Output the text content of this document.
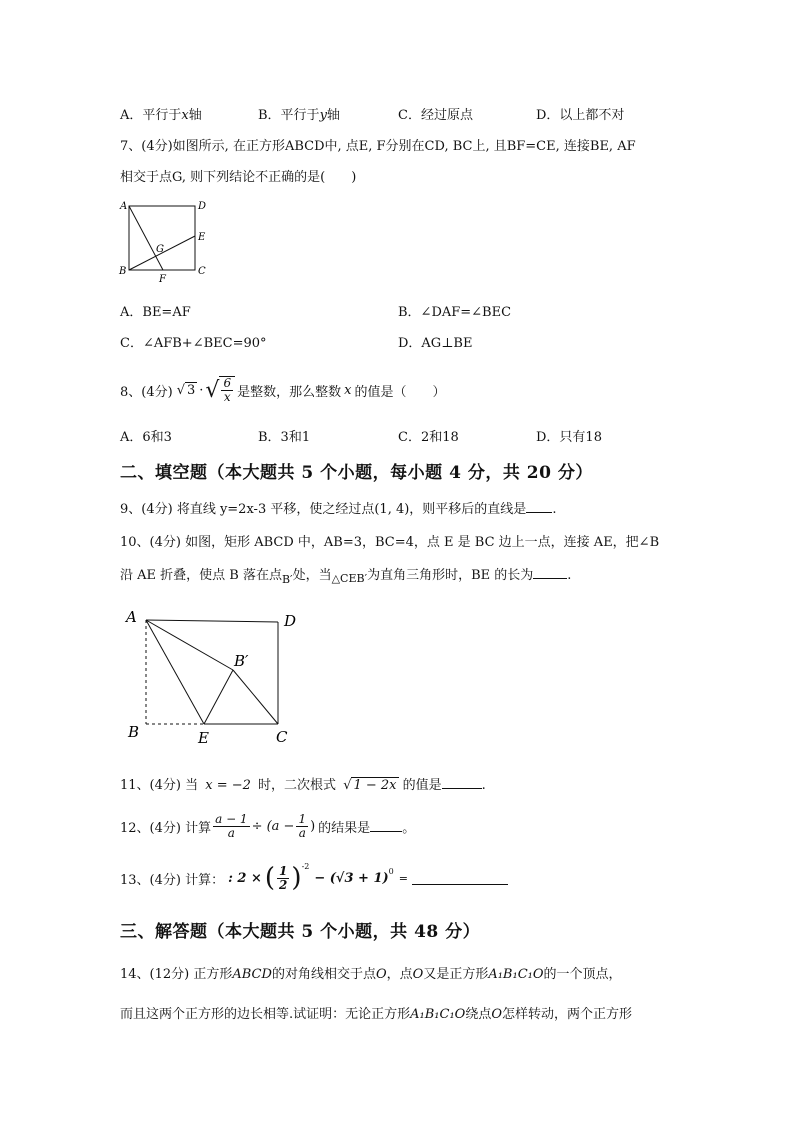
A．平行于x轴	B．平行于y轴	C．经过原点	D．以上都不对
7、(4分)如图所示, 在正方形ABCD中, 点E, F分别在CD, BC上, 且BF=CE, 连接BE, AF
相交于点G, 则下列结论不正确的是(　　)
A	D
E
G
B
F
C
A．BE=AF	B．∠DAF=∠BEC
C．∠AFB+∠BEC=90°	D．AG⊥BE
8、(4分) √ 3 · √ $\frac{6}{x}$ 是整数，那么整数 x 的值是（　　）
A．6和3	B．3和1	C．2和18	D．只有18
二、填空题（本大题共 5 个小题，每小题 4 分，共 20 分）
9、(4分) 将直线 y=2x-3 平移，使之经过点(1, 4)，则平移后的直线是 .
10、(4分) 如图，矩形 ABCD 中，AB=3，BC=4，点 E 是 BC 边上一点，连接 AE，把∠B
沿 AE 折叠，使点 B 落在点$_{B'}$处，当$_{\triangle CEB'}$为直角三角形时，BE 的长为	.
A	D
B′
B	E	C
11、(4分) 当 x = −2 时，二次根式 √ 1 − 2x 的值是	.
12、(4分) 计算 $\frac{a - 1}{a} \div (a - \frac{1}{a}$ ) 的结果是 。
13、(4分) 计算： : 2 × ( $\frac{1}{2}$ ) -2
− (√3 + 1) 0
=
三、解答题（本大题共 5 个小题，共 48 分）
14、(12分) 正方形ABCD的对角线相交于点O，点O又是正方形A₁B₁C₁O的一个顶点，
而且这两个正方形的边长相等.试证明：无论正方形A₁B₁C₁O绕点O怎样转动，两个正方形
